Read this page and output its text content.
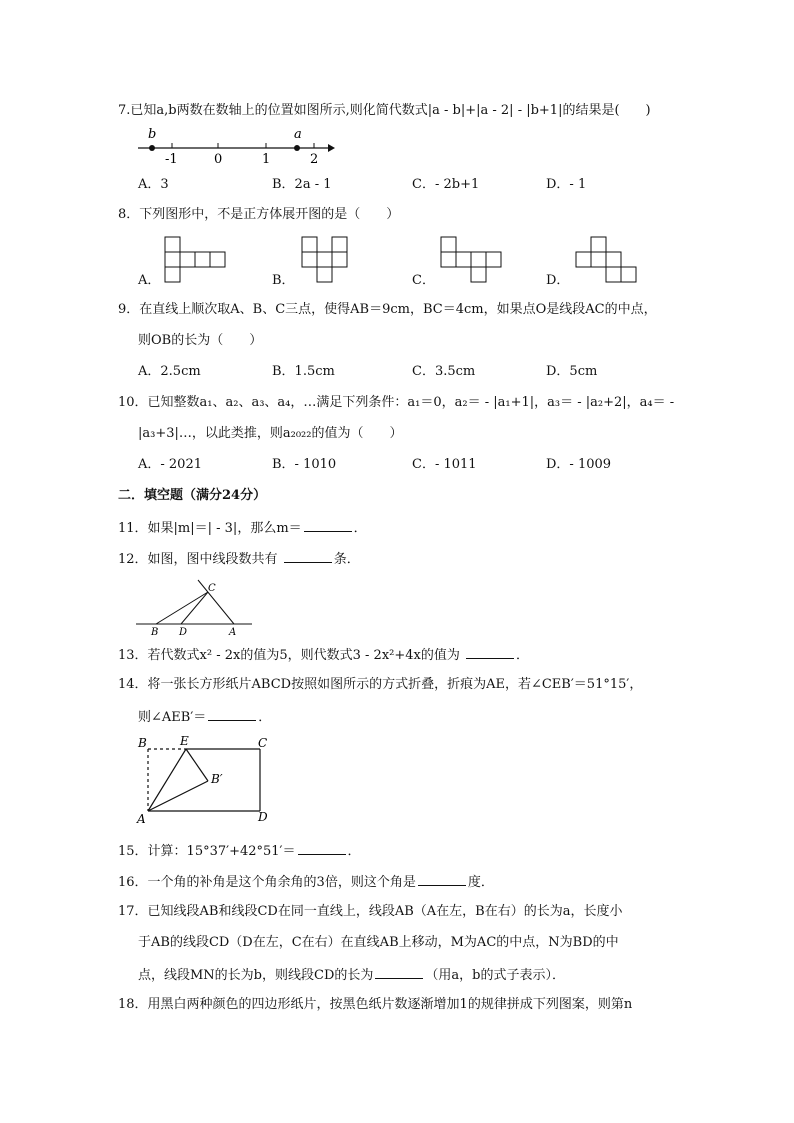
7.已知a,b两数在数轴上的位置如图所示,则化简代数式|a - b|+|a - 2| - |b+1|的结果是(　　)
b	a
-1	0	1	2
A．3	B．2a - 1	C．- 2b+1	D．- 1
8．下列图形中，不是正方体展开图的是（　　）
A．	B．	C．	D．
9．在直线上顺次取A、B、C三点，使得AB＝9cm，BC＝4cm，如果点O是线段AC的中点，
则OB的长为（　　）
A．2.5cm	B．1.5cm	C．3.5cm	D．5cm
10．已知整数a₁、a₂、a₃、a₄，…满足下列条件：a₁＝0，a₂＝ - |a₁+1|，a₃＝ - |a₂+2|，a₄＝ -
|a₃+3|…，以此类推，则a₂₀₂₂的值为（　　）
A．- 2021	B．- 1010	C．- 1011	D．- 1009
二．填空题（满分24分）
11．如果|m|＝| - 3|，那么m＝	．
12．如图，图中线段数共有	条．
C
B D	A
13．若代数式x² - 2x的值为5，则代数式3 - 2x²+4x的值为	．
14．将一张长方形纸片ABCD按照如图所示的方式折叠，折痕为AE，若∠CEB′＝51°15′，
则∠AEB′＝	．
B	E	C
B′
A	D
15．计算：15°37′+42°51′＝	．
16．一个角的补角是这个角余角的3倍，则这个角是	度．
17．已知线段AB和线段CD在同一直线上，线段AB（A在左，B在右）的长为a，长度小
于AB的线段CD（D在左，C在右）在直线AB上移动，M为AC的中点，N为BD的中
点，线段MN的长为b，则线段CD的长为	（用a，b的式子表示）．
18．用黑白两种颜色的四边形纸片，按黑色纸片数逐渐增加1的规律拼成下列图案，则第n
